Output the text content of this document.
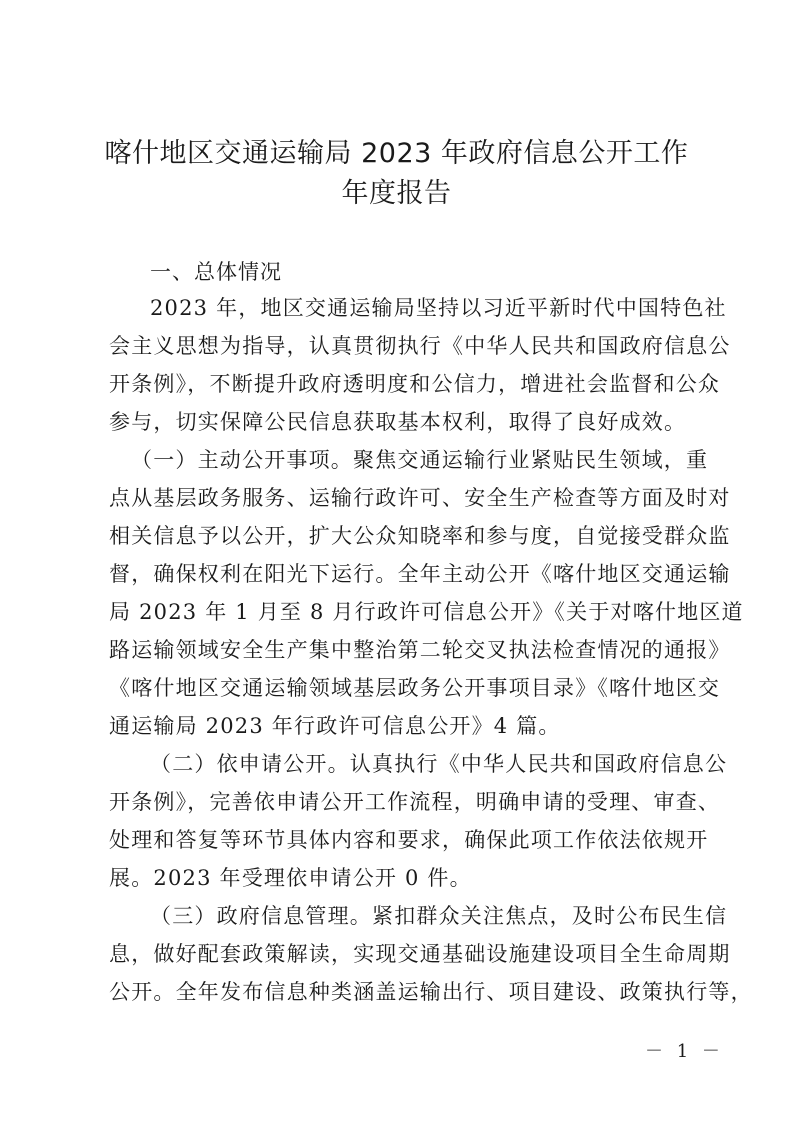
喀什地区交通运输局 2023 年政府信息公开工作
年度报告
一、总体情况
2023 年，地区交通运输局坚持以习近平新时代中国特色社
会主义思想为指导，认真贯彻执行《中华人民共和国政府信息公
开条例》，不断提升政府透明度和公信力，增进社会监督和公众
参与，切实保障公民信息获取基本权利，取得了良好成效。
（一）主动公开事项。聚焦交通运输行业紧贴民生领域，重
点从基层政务服务、运输行政许可、安全生产检查等方面及时对
相关信息予以公开，扩大公众知晓率和参与度，自觉接受群众监
督，确保权利在阳光下运行。全年主动公开《喀什地区交通运输
局 2023 年 1 月至 8 月行政许可信息公开》《关于对喀什地区道
路运输领域安全生产集中整治第二轮交叉执法检查情况的通报》
《喀什地区交通运输领域基层政务公开事项目录》《喀什地区交
通运输局 2023 年行政许可信息公开》4 篇。
（二）依申请公开。认真执行《中华人民共和国政府信息公
开条例》，完善依申请公开工作流程，明确申请的受理、审查、
处理和答复等环节具体内容和要求，确保此项工作依法依规开
展。2023 年受理依申请公开 0 件。
（三）政府信息管理。紧扣群众关注焦点，及时公布民生信
息，做好配套政策解读，实现交通基础设施建设项目全生命周期
公开。全年发布信息种类涵盖运输出行、项目建设、政策执行等，
－ 1 －
